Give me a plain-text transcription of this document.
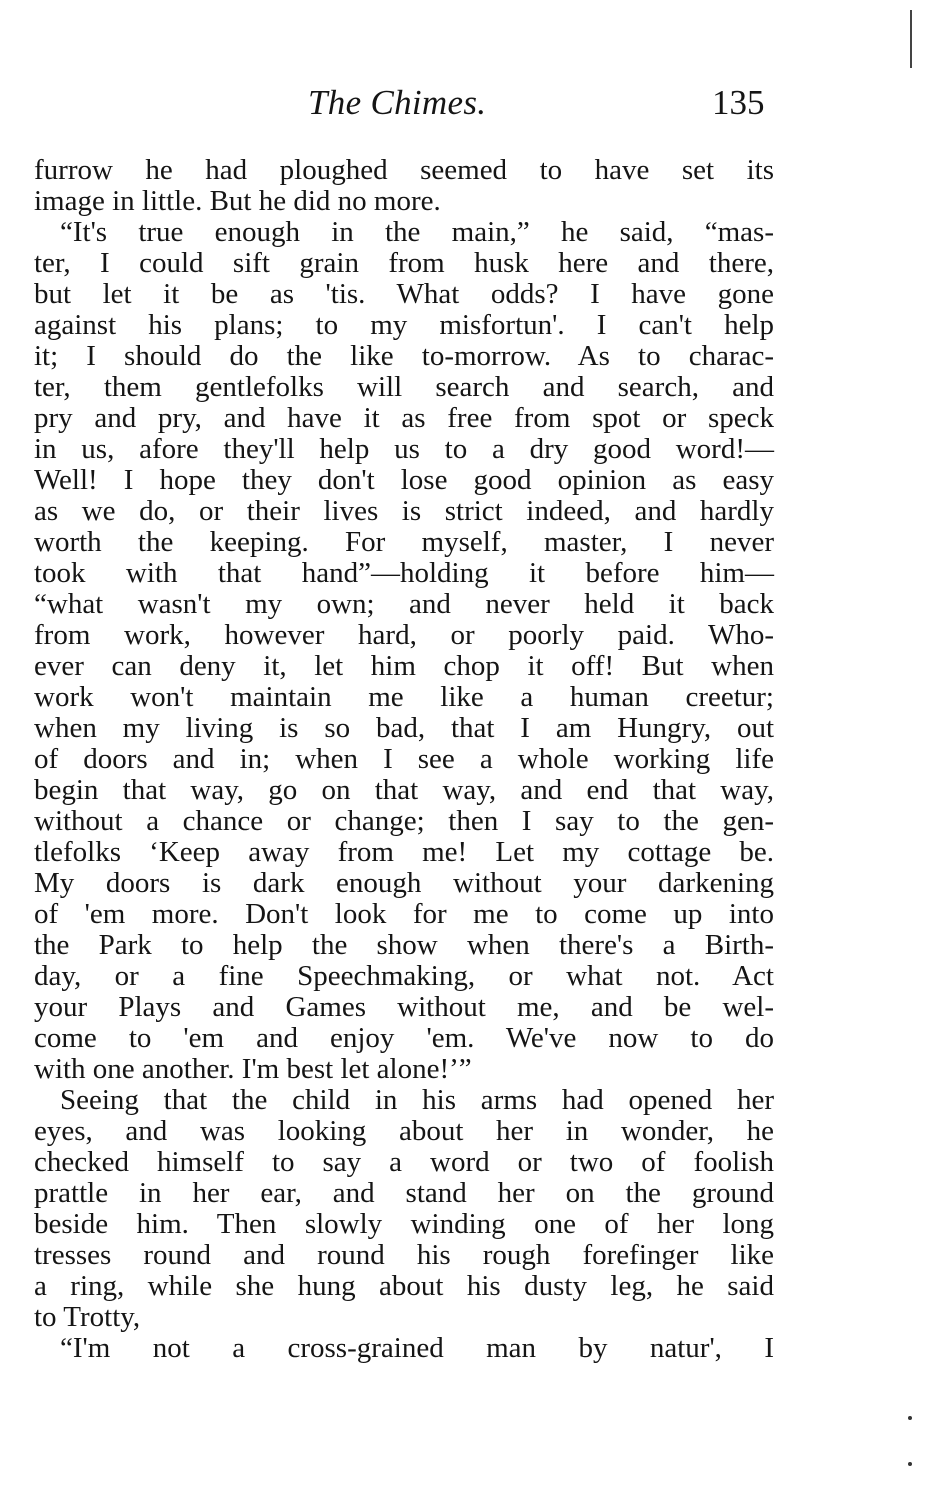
The Chimes.	135
furrow he had ploughed seemed to have set its
image in little. But he did no more.
“It's true enough in the main,” he said, “mas-
ter, I could sift grain from husk here and there,
but let it be as 'tis. What odds? I have gone
against his plans; to my misfortun'. I can't help
it; I should do the like to-morrow. As to charac-
ter, them gentlefolks will search and search, and
pry and pry, and have it as free from spot or speck
in us, afore they'll help us to a dry good word!—
Well! I hope they don't lose good opinion as easy
as we do, or their lives is strict indeed, and hardly
worth the keeping. For myself, master, I never
took with that hand”—holding it before him—
“what wasn't my own; and never held it back
from work, however hard, or poorly paid. Who-
ever can deny it, let him chop it off! But when
work won't maintain me like a human creetur;
when my living is so bad, that I am Hungry, out
of doors and in; when I see a whole working life
begin that way, go on that way, and end that way,
without a chance or change; then I say to the gen-
tlefolks ‘Keep away from me! Let my cottage be.
My doors is dark enough without your darkening
of 'em more. Don't look for me to come up into
the Park to help the show when there's a Birth-
day, or a fine Speechmaking, or what not. Act
your Plays and Games without me, and be wel-
come to 'em and enjoy 'em. We've now to do
with one another. I'm best let alone!’”
Seeing that the child in his arms had opened her
eyes, and was looking about her in wonder, he
checked himself to say a word or two of foolish
prattle in her ear, and stand her on the ground
beside him. Then slowly winding one of her long
tresses round and round his rough forefinger like
a ring, while she hung about his dusty leg, he said
to Trotty,
“I'm not a cross-grained man by natur', I
